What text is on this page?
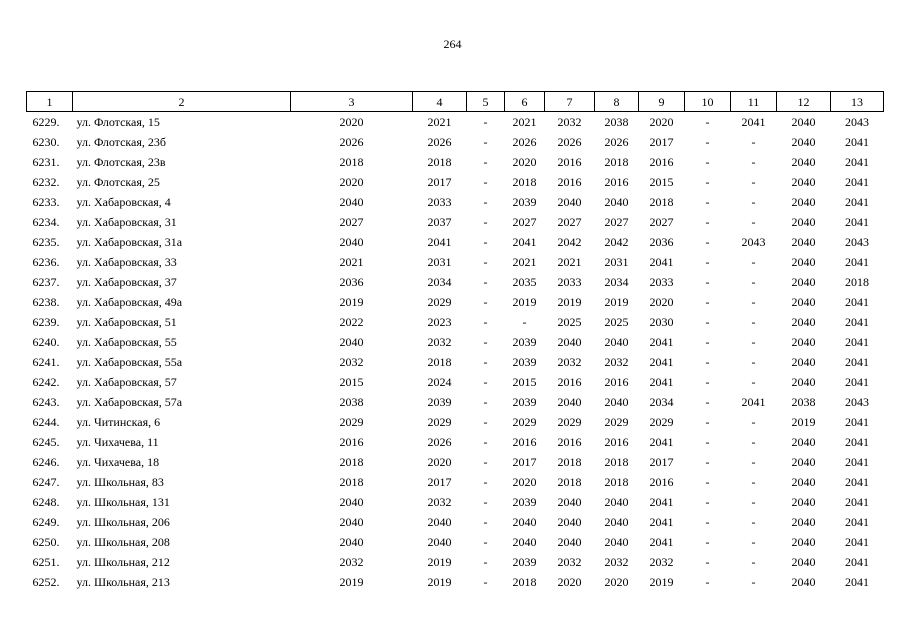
264
1	2	3	4	5	6	7	8	9	10	11	12	13
6229.	ул. Флотская, 15	2020	2021	-	2021	2032	2038	2020	-	2041	2040	2043
6230.	ул. Флотская, 23б	2026	2026	-	2026	2026	2026	2017	-	-	2040	2041
6231.	ул. Флотская, 23в	2018	2018	-	2020	2016	2018	2016	-	-	2040	2041
6232.	ул. Флотская, 25	2020	2017	-	2018	2016	2016	2015	-	-	2040	2041
6233.	ул. Хабаровская, 4	2040	2033	-	2039	2040	2040	2018	-	-	2040	2041
6234.	ул. Хабаровская, 31	2027	2037	-	2027	2027	2027	2027	-	-	2040	2041
6235.	ул. Хабаровская, 31а	2040	2041	-	2041	2042	2042	2036	-	2043	2040	2043
6236.	ул. Хабаровская, 33	2021	2031	-	2021	2021	2031	2041	-	-	2040	2041
6237.	ул. Хабаровская, 37	2036	2034	-	2035	2033	2034	2033	-	-	2040	2018
6238.	ул. Хабаровская, 49а	2019	2029	-	2019	2019	2019	2020	-	-	2040	2041
6239.	ул. Хабаровская, 51	2022	2023	-	-	2025	2025	2030	-	-	2040	2041
6240.	ул. Хабаровская, 55	2040	2032	-	2039	2040	2040	2041	-	-	2040	2041
6241.	ул. Хабаровская, 55а	2032	2018	-	2039	2032	2032	2041	-	-	2040	2041
6242.	ул. Хабаровская, 57	2015	2024	-	2015	2016	2016	2041	-	-	2040	2041
6243.	ул. Хабаровская, 57а	2038	2039	-	2039	2040	2040	2034	-	2041	2038	2043
6244.	ул. Читинская, 6	2029	2029	-	2029	2029	2029	2029	-	-	2019	2041
6245.	ул. Чихачева, 11	2016	2026	-	2016	2016	2016	2041	-	-	2040	2041
6246.	ул. Чихачева, 18	2018	2020	-	2017	2018	2018	2017	-	-	2040	2041
6247.	ул. Школьная, 83	2018	2017	-	2020	2018	2018	2016	-	-	2040	2041
6248.	ул. Школьная, 131	2040	2032	-	2039	2040	2040	2041	-	-	2040	2041
6249.	ул. Школьная, 206	2040	2040	-	2040	2040	2040	2041	-	-	2040	2041
6250.	ул. Школьная, 208	2040	2040	-	2040	2040	2040	2041	-	-	2040	2041
6251.	ул. Школьная, 212	2032	2019	-	2039	2032	2032	2032	-	-	2040	2041
6252.	ул. Школьная, 213	2019	2019	-	2018	2020	2020	2019	-	-	2040	2041
